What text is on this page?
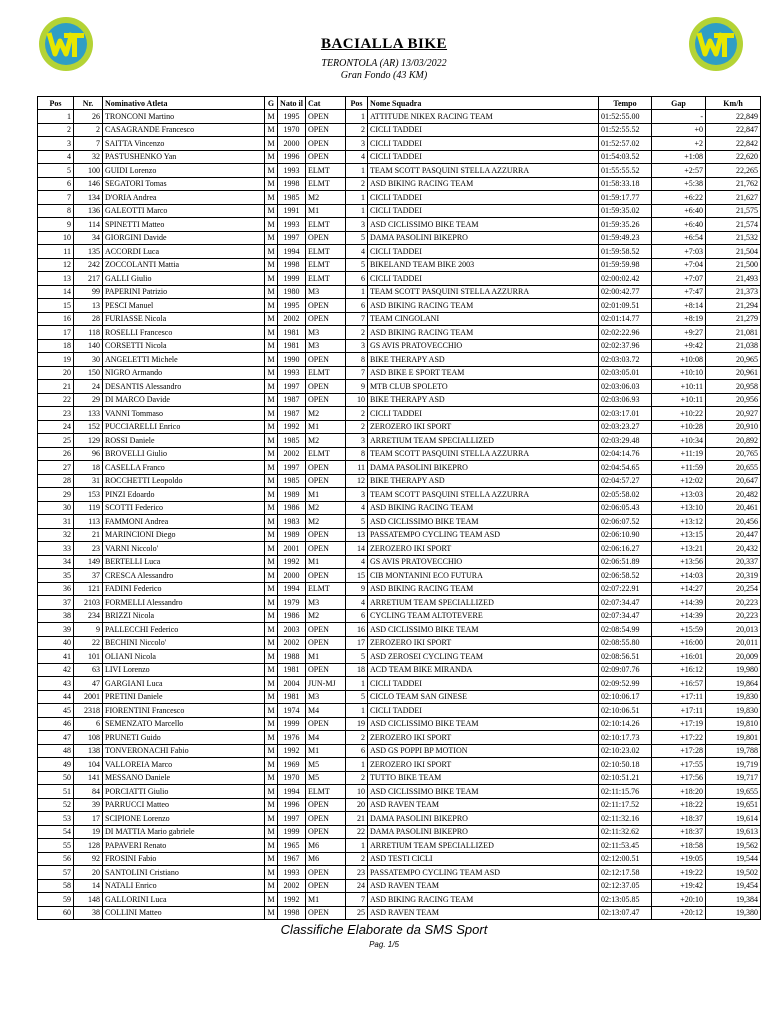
BACIALLA BIKE
TERONTOLA (AR) 13/03/2022
Gran Fondo (43 KM)
Pos	Nr.	Nominativo Atleta	G	Nato il	Cat	Pos	Nome Squadra	Tempo	Gap	Km/h
1	26	TRONCONI Martino	M	1995	OPEN	1	ATTITUDE NIKEX RACING TEAM	01:52:55.00	-	22,849
2	2	CASAGRANDE Francesco	M	1970	OPEN	2	CICLI TADDEI	01:52:55.52	+0	22,847
3	7	SAITTA Vincenzo	M	2000	OPEN	3	CICLI TADDEI	01:52:57.02	+2	22,842
4	32	PASTUSHENKO Yan	M	1996	OPEN	4	CICLI TADDEI	01:54:03.52	+1:08	22,620
5	100	GUIDI Lorenzo	M	1993	ELMT	1	TEAM SCOTT PASQUINI STELLA AZZURRA	01:55:55.52	+2:57	22,265
6	146	SEGATORI Tomas	M	1998	ELMT	2	ASD BIKING RACING TEAM	01:58:33.18	+5:38	21,762
7	134	D'ORIA Andrea	M	1985	M2	1	CICLI TADDEI	01:59:17.77	+6:22	21,627
8	136	GALEOTTI Marco	M	1991	M1	1	CICLI TADDEI	01:59:35.02	+6:40	21,575
9	114	SPINETTI Matteo	M	1993	ELMT	3	ASD CICLISSIMO BIKE TEAM	01:59:35.26	+6:40	21,574
10	34	GIORGINI Davide	M	1997	OPEN	5	DAMA PASOLINI BIKEPRO	01:59:49.23	+6:54	21,532
11	135	ACCORDI Luca	M	1994	ELMT	4	CICLI TADDEI	01:59:58.52	+7:03	21,504
12	242	ZOCCOLANTI Mattia	M	1998	ELMT	5	BIKELAND TEAM BIKE 2003	01:59:59.98	+7:04	21,500
13	217	GALLI Giulio	M	1999	ELMT	6	CICLI TADDEI	02:00:02.42	+7:07	21,493
14	99	PAPERINI Patrizio	M	1980	M3	1	TEAM SCOTT PASQUINI STELLA AZZURRA	02:00:42.77	+7:47	21,373
15	13	PESCI Manuel	M	1995	OPEN	6	ASD BIKING RACING TEAM	02:01:09.51	+8:14	21,294
16	28	FURIASSE Nicola	M	2002	OPEN	7	TEAM CINGOLANI	02:01:14.77	+8:19	21,279
17	118	ROSELLI Francesco	M	1981	M3	2	ASD BIKING RACING TEAM	02:02:22.96	+9:27	21,081
18	140	CORSETTI Nicola	M	1981	M3	3	GS AVIS PRATOVECCHIO	02:02:37.96	+9:42	21,038
19	30	ANGELETTI Michele	M	1990	OPEN	8	BIKE THERAPY ASD	02:03:03.72	+10:08	20,965
20	150	NIGRO Armando	M	1993	ELMT	7	ASD BIKE E SPORT TEAM	02:03:05.01	+10:10	20,961
21	24	DESANTIS Alessandro	M	1997	OPEN	9	MTB CLUB SPOLETO	02:03:06.03	+10:11	20,958
22	29	DI MARCO Davide	M	1987	OPEN	10	BIKE THERAPY ASD	02:03:06.93	+10:11	20,956
23	133	VANNI Tommaso	M	1987	M2	2	CICLI TADDEI	02:03:17.01	+10:22	20,927
24	152	PUCCIARELLI Enrico	M	1992	M1	2	ZEROZERO IKI SPORT	02:03:23.27	+10:28	20,910
25	129	ROSSI Daniele	M	1985	M2	3	ARRETIUM TEAM SPECIALLIZED	02:03:29.48	+10:34	20,892
26	96	BROVELLI Giulio	M	2002	ELMT	8	TEAM SCOTT PASQUINI STELLA AZZURRA	02:04:14.76	+11:19	20,765
27	18	CASELLA Franco	M	1997	OPEN	11	DAMA PASOLINI BIKEPRO	02:04:54.65	+11:59	20,655
28	31	ROCCHETTI Leopoldo	M	1985	OPEN	12	BIKE THERAPY ASD	02:04:57.27	+12:02	20,647
29	153	PINZI Edoardo	M	1989	M1	3	TEAM SCOTT PASQUINI STELLA AZZURRA	02:05:58.02	+13:03	20,482
30	119	SCOTTI Federico	M	1986	M2	4	ASD BIKING RACING TEAM	02:06:05.43	+13:10	20,461
31	113	FAMMONI Andrea	M	1983	M2	5	ASD CICLISSIMO BIKE TEAM	02:06:07.52	+13:12	20,456
32	21	MARINCIONI Diego	M	1989	OPEN	13	PASSATEMPO CYCLING TEAM ASD	02:06:10.90	+13:15	20,447
33	23	VARNI Niccolo'	M	2001	OPEN	14	ZEROZERO IKI SPORT	02:06:16.27	+13:21	20,432
34	149	BERTELLI Luca	M	1992	M1	4	GS AVIS PRATOVECCHIO	02:06:51.89	+13:56	20,337
35	37	CRESCA Alessandro	M	2000	OPEN	15	CIB MONTANINI ECO FUTURA	02:06:58.52	+14:03	20,319
36	121	FADINI Federico	M	1994	ELMT	9	ASD BIKING RACING TEAM	02:07:22.91	+14:27	20,254
37	2103	FORMELLI Alessandro	M	1979	M3	4	ARRETIUM TEAM SPECIALLIZED	02:07:34.47	+14:39	20,223
38	234	BRIZZI Nicola	M	1986	M2	6	CYCLING TEAM ALTOTEVERE	02:07:34.47	+14:39	20,223
39	9	PALLECCHI Federico	M	2003	OPEN	16	ASD CICLISSIMO BIKE TEAM	02:08:54.99	+15:59	20,013
40	22	BECHINI Niccolo'	M	2002	OPEN	17	ZEROZERO IKI SPORT	02:08:55.80	+16:00	20,011
41	101	OLIANI Nicola	M	1988	M1	5	ASD ZEROSEI CYCLING TEAM	02:08:56.51	+16:01	20,009
42	63	LIVI Lorenzo	M	1981	OPEN	18	ACD TEAM BIKE MIRANDA	02:09:07.76	+16:12	19,980
43	47	GARGIANI Luca	M	2004	JUN-MJ	1	CICLI TADDEI	02:09:52.99	+16:57	19,864
44	2001	PRETINI Daniele	M	1981	M3	5	CICLO TEAM SAN GINESE	02:10:06.17	+17:11	19,830
45	2318	FIORENTINI Francesco	M	1974	M4	1	CICLI TADDEI	02:10:06.51	+17:11	19,830
46	6	SEMENZATO Marcello	M	1999	OPEN	19	ASD CICLISSIMO BIKE TEAM	02:10:14.26	+17:19	19,810
47	108	PRUNETI Guido	M	1976	M4	2	ZEROZERO IKI SPORT	02:10:17.73	+17:22	19,801
48	138	TONVERONACHI Fabio	M	1992	M1	6	ASD GS POPPI BP MOTION	02:10:23.02	+17:28	19,788
49	104	VALLOREIA Marco	M	1969	M5	1	ZEROZERO IKI SPORT	02:10:50.18	+17:55	19,719
50	141	MESSANO Daniele	M	1970	M5	2	TUTTO BIKE TEAM	02:10:51.21	+17:56	19,717
51	84	PORCIATTI Giulio	M	1994	ELMT	10	ASD CICLISSIMO BIKE TEAM	02:11:15.76	+18:20	19,655
52	39	PARRUCCI Matteo	M	1996	OPEN	20	ASD RAVEN TEAM	02:11:17.52	+18:22	19,651
53	17	SCIPIONE Lorenzo	M	1997	OPEN	21	DAMA PASOLINI BIKEPRO	02:11:32.16	+18:37	19,614
54	19	DI MATTIA Mario gabriele	M	1999	OPEN	22	DAMA PASOLINI BIKEPRO	02:11:32.62	+18:37	19,613
55	128	PAPAVERI Renato	M	1965	M6	1	ARRETIUM TEAM SPECIALLIZED	02:11:53.45	+18:58	19,562
56	92	FROSINI Fabio	M	1967	M6	2	ASD TESTI CICLI	02:12:00.51	+19:05	19,544
57	20	SANTOLINI Cristiano	M	1993	OPEN	23	PASSATEMPO CYCLING TEAM ASD	02:12:17.58	+19:22	19,502
58	14	NATALI Enrico	M	2002	OPEN	24	ASD RAVEN TEAM	02:12:37.05	+19:42	19,454
59	148	GALLORINI Luca	M	1992	M1	7	ASD BIKING RACING TEAM	02:13:05.85	+20:10	19,384
60	38	COLLINI Matteo	M	1998	OPEN	25	ASD RAVEN TEAM	02:13:07.47	+20:12	19,380
Classifiche Elaborate da SMS Sport
Pag. 1/5
